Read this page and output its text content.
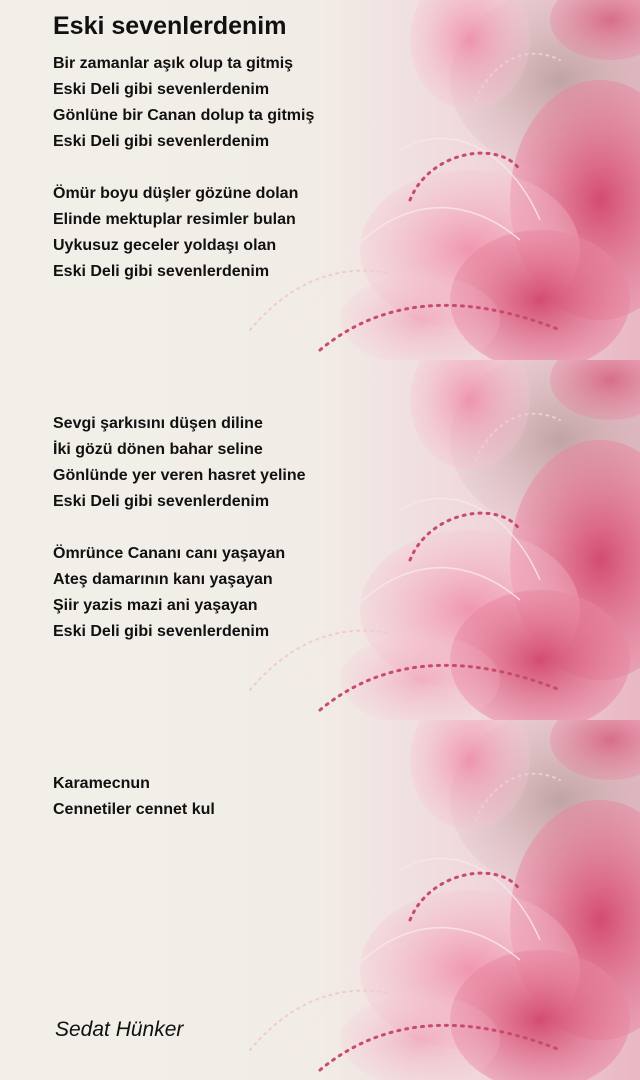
Eski sevenlerdenim
Bir zamanlar aşık olup ta gitmiş
Eski Deli gibi sevenlerdenim
Gönlüne bir Canan dolup ta gitmiş
Eski Deli gibi sevenlerdenim
Ömür boyu düşler gözüne dolan
Elinde mektuplar resimler bulan
Uykusuz geceler yoldaşı olan
Eski Deli gibi sevenlerdenim
Sevgi şarkısını düşen diline
İki gözü dönen bahar seline
Gönlünde yer veren hasret yeline
Eski Deli gibi sevenlerdenim
Ömrünce Cananı canı yaşayan
Ateş damarının kanı yaşayan
Şiir yazis mazi ani yaşayan
Eski Deli gibi sevenlerdenim
Karamecnun
Cennetiler cennet kul
Sedat Hünker
